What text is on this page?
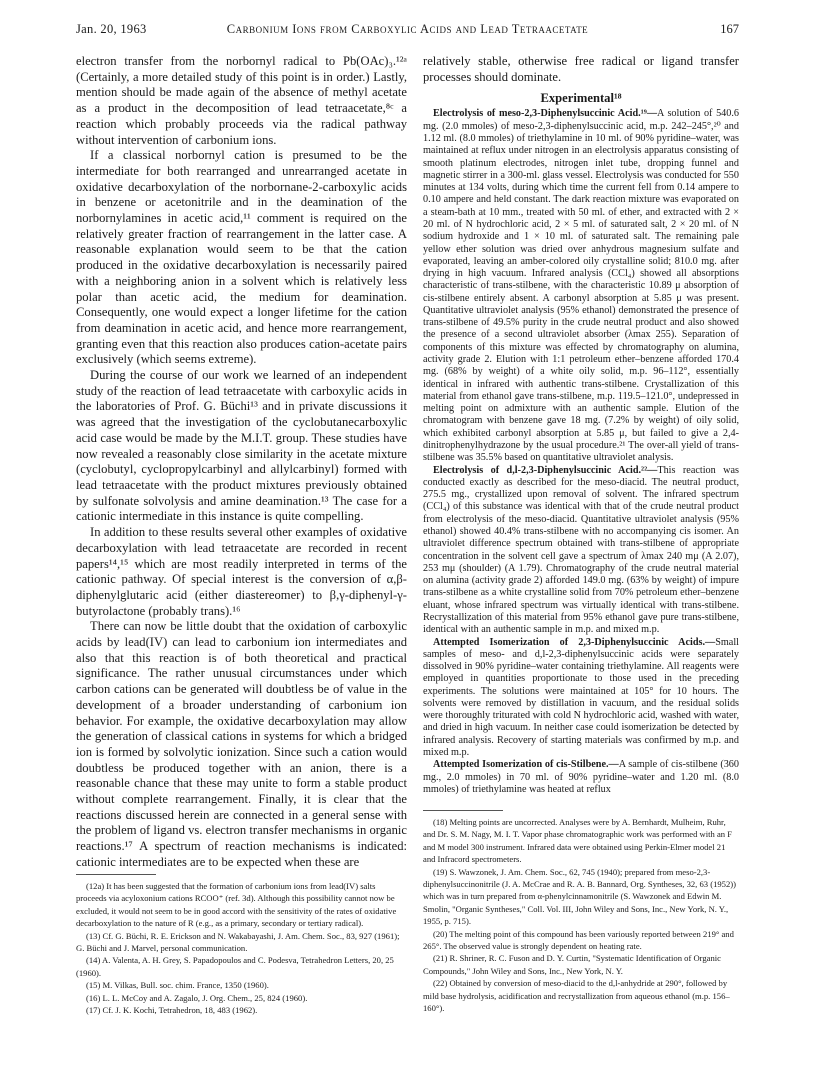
Jan. 20, 1963	Carbonium Ions from Carboxylic Acids and Lead Tetraacetate	167

electron transfer from the norbornyl radical to Pb(OAc)₃.¹²ᵃ (Certainly, a more detailed study of this point is in order.) Lastly, mention should be made again of the absence of methyl acetate as a product in the decomposition of lead tetraacetate,⁸ᶜ a reaction which probably proceeds via the radical pathway without intervention of carbonium ions.

If a classical norbornyl cation is presumed to be the intermediate for both rearranged and unrearranged acetate in oxidative decarboxylation of the norbornane-2-carboxylic acids in benzene or acetonitrile and in the deamination of the norbornylamines in acetic acid,¹¹ comment is required on the relatively greater fraction of rearrangement in the latter case. A reasonable explanation would seem to be that the cation produced in the oxidative decarboxylation is necessarily paired with a neighboring anion in a solvent which is relatively less polar than acetic acid, the medium for deamination. Consequently, one would expect a longer lifetime for the cation from deamination in acetic acid, and hence more rearrangement, granting even that this reaction also produces cation-acetate pairs exclusively (which seems extreme).

During the course of our work we learned of an independent study of the reaction of lead tetraacetate with carboxylic acids in the laboratories of Prof. G. Büchi¹³ and in private discussions it was agreed that the investigation of the cyclobutanecarboxylic acid case would be made by the M.I.T. group. These studies have now revealed a reasonably close similarity in the acetate mixture (cyclobutyl, cyclopropylcarbinyl and allylcarbinyl) formed with lead tetraacetate with the product mixtures previously obtained by sulfonate solvolysis and amine deamination.¹³ The case for a cationic intermediate in this instance is quite compelling.

In addition to these results several other examples of oxidative decarboxylation with lead tetraacetate are recorded in recent papers¹⁴,¹⁵ which are most readily interpreted in terms of the cationic pathway. Of special interest is the conversion of α,β-diphenylglutaric acid (either diastereomer) to β,γ-diphenyl-γ-butyrolactone (probably trans).¹⁶

There can now be little doubt that the oxidation of carboxylic acids by lead(IV) can lead to carbonium ion intermediates and also that this reaction is of both theoretical and practical significance. The rather unusual circumstances under which carbon cations can be generated will doubtless be of value in the development of a broader understanding of carbonium ion behavior. For example, the oxidative decarboxylation may allow the generation of classical cations in systems for which a bridged ion is formed by solvolytic ionization. Since such a cation would doubtless be produced together with an anion, there is a reasonable chance that these may unite to form a stable product without complete rearrangement. Finally, it is clear that the reactions discussed herein are connected in a general sense with the problem of ligand vs. electron transfer mechanisms in organic reactions.¹⁷ A spectrum of reaction mechanisms is indicated: cationic intermediates are to be expected when these are

(12a) It has been suggested that the formation of carbonium ions from lead(IV) salts proceeds via acyloxonium cations RCOO⁺ (ref. 3d). Although this possibility cannot now be excluded, it would not seem to be in good accord with the sensitivity of the rates of oxidative decarboxylation to the nature of R (e.g., as a primary, secondary or tertiary radical).

(13) Cf. G. Büchi, R. E. Erickson and N. Wakabayashi, J. Am. Chem. Soc., 83, 927 (1961); G. Büchi and J. Marvel, personal communication.

(14) A. Valenta, A. H. Grey, S. Papadopoulos and C. Podesva, Tetrahedron Letters, 20, 25 (1960).

(15) M. Vilkas, Bull. soc. chim. France, 1350 (1960).

(16) L. L. McCoy and A. Zagalo, J. Org. Chem., 25, 824 (1960).

(17) Cf. J. K. Kochi, Tetrahedron, 18, 483 (1962).

relatively stable, otherwise free radical or ligand transfer processes should dominate.

Experimental¹⁸

Electrolysis of meso-2,3-Diphenylsuccinic Acid.¹⁹—A solution of 540.6 mg. (2.0 mmoles) of meso-2,3-diphenylsuccinic acid, m.p. 242–245°,²⁰ and 1.12 ml. (8.0 mmoles) of triethylamine in 10 ml. of 90% pyridine–water, was maintained at reflux under nitrogen in an electrolysis apparatus consisting of smooth platinum electrodes, nitrogen inlet tube, dropping funnel and magnetic stirrer in a 300-ml. glass vessel. Electrolysis was conducted for 550 minutes at 134 volts, during which time the current fell from 0.14 ampere to 0.10 ampere and held constant. The dark reaction mixture was evaporated on a steam-bath at 10 mm., treated with 50 ml. of ether, and extracted with 2 × 20 ml. of N hydrochloric acid, 2 × 5 ml. of saturated salt, 2 × 20 ml. of N sodium hydroxide and 1 × 10 ml. of saturated salt. The remaining pale yellow ether solution was dried over anhydrous magnesium sulfate and evaporated, leaving an amber-colored oily crystalline solid; 810.0 mg. after drying in high vacuum. Infrared analysis (CCl₄) showed all absorptions characteristic of trans-stilbene, with the characteristic 10.89 μ absorption of cis-stilbene entirely absent. A carbonyl absorption at 5.85 μ was present. Quantitative ultraviolet analysis (95% ethanol) demonstrated the presence of trans-stilbene of 49.5% purity in the crude neutral product and also showed the presence of a second ultraviolet absorber (λmax 255). Separation of components of this mixture was effected by chromatography on alumina, activity grade 2. Elution with 1:1 petroleum ether–benzene afforded 170.4 mg. (68% by weight) of a white oily solid, m.p. 96–112°, essentially identical in infrared with authentic trans-stilbene. Crystallization of this material from ethanol gave trans-stilbene, m.p. 119.5–121.0°, undepressed in melting point on admixture with an authentic sample. Elution of the chromatogram with benzene gave 18 mg. (7.2% by weight) of oily solid, which exhibited carbonyl absorption at 5.85 μ, but failed to give a 2,4-dinitrophenylhydrazone by the usual procedure.²¹ The over-all yield of trans-stilbene was 35.5% based on quantitative ultraviolet analysis.

Electrolysis of d,l-2,3-Diphenylsuccinic Acid.²²—This reaction was conducted exactly as described for the meso-diacid. The neutral product, 275.5 mg., crystallized upon removal of solvent. The infrared spectrum (CCl₄) of this substance was identical with that of the crude neutral product from electrolysis of the meso-diacid. Quantitative ultraviolet analysis (95% ethanol) showed 40.4% trans-stilbene with no accompanying cis isomer. An ultraviolet difference spectrum obtained with trans-stilbene of appropriate concentration in the solvent cell gave a spectrum of λmax 240 mμ (A 2.07), 253 mμ (shoulder) (A 1.79). Chromatography of the crude neutral material on alumina (activity grade 2) afforded 149.0 mg. (63% by weight) of impure trans-stilbene as a white crystalline solid from 70% petroleum ether–benzene eluant, whose infrared spectrum was virtually identical with trans-stilbene. Recrystallization of this material from 95% ethanol gave pure trans-stilbene, identical with an authentic sample in m.p. and mixed m.p.

Attempted Isomerization of 2,3-Diphenylsuccinic Acids.—Small samples of meso- and d,l-2,3-diphenylsuccinic acids were separately dissolved in 90% pyridine–water containing triethylamine. All reagents were employed in quantities proportionate to those used in the preceding experiments. The solutions were maintained at 105° for 10 hours. The solvents were removed by distillation in vacuum, and the residual solids were thoroughly triturated with cold N hydrochloric acid, washed with water, and dried in high vacuum. In neither case could isomerization be detected by infrared analysis. Recovery of starting materials was confirmed by m.p. and mixed m.p.

Attempted Isomerization of cis-Stilbene.—A sample of cis-stilbene (360 mg., 2.0 mmoles) in 70 ml. of 90% pyridine–water and 1.20 ml. (8.0 mmoles) of triethylamine was heated at reflux

(18) Melting points are uncorrected. Analyses were by A. Bernhardt, Mulheim, Ruhr, and Dr. S. M. Nagy, M. I. T. Vapor phase chromatographic work was performed with an F and M model 300 instrument. Infrared data were obtained using Perkin-Elmer model 21 and Infracord spectrometers.

(19) S. Wawzonek, J. Am. Chem. Soc., 62, 745 (1940); prepared from meso-2,3-diphenylsuccinonitrile (J. A. McCrae and R. A. B. Bannard, Org. Syntheses, 32, 63 (1952)) which was in turn prepared from α-phenylcinnamonitrile (S. Wawzonek and Edwin M. Smolin, "Organic Syntheses," Coll. Vol. III, John Wiley and Sons, Inc., New York, N. Y., 1955, p. 715).

(20) The melting point of this compound has been variously reported between 219° and 265°. The observed value is strongly dependent on heating rate.

(21) R. Shriner, R. C. Fuson and D. Y. Curtin, "Systematic Identification of Organic Compounds," John Wiley and Sons, Inc., New York, N. Y.

(22) Obtained by conversion of meso-diacid to the d,l-anhydride at 290°, followed by mild base hydrolysis, acidification and recrystallization from aqueous ethanol (m.p. 156–160°).
